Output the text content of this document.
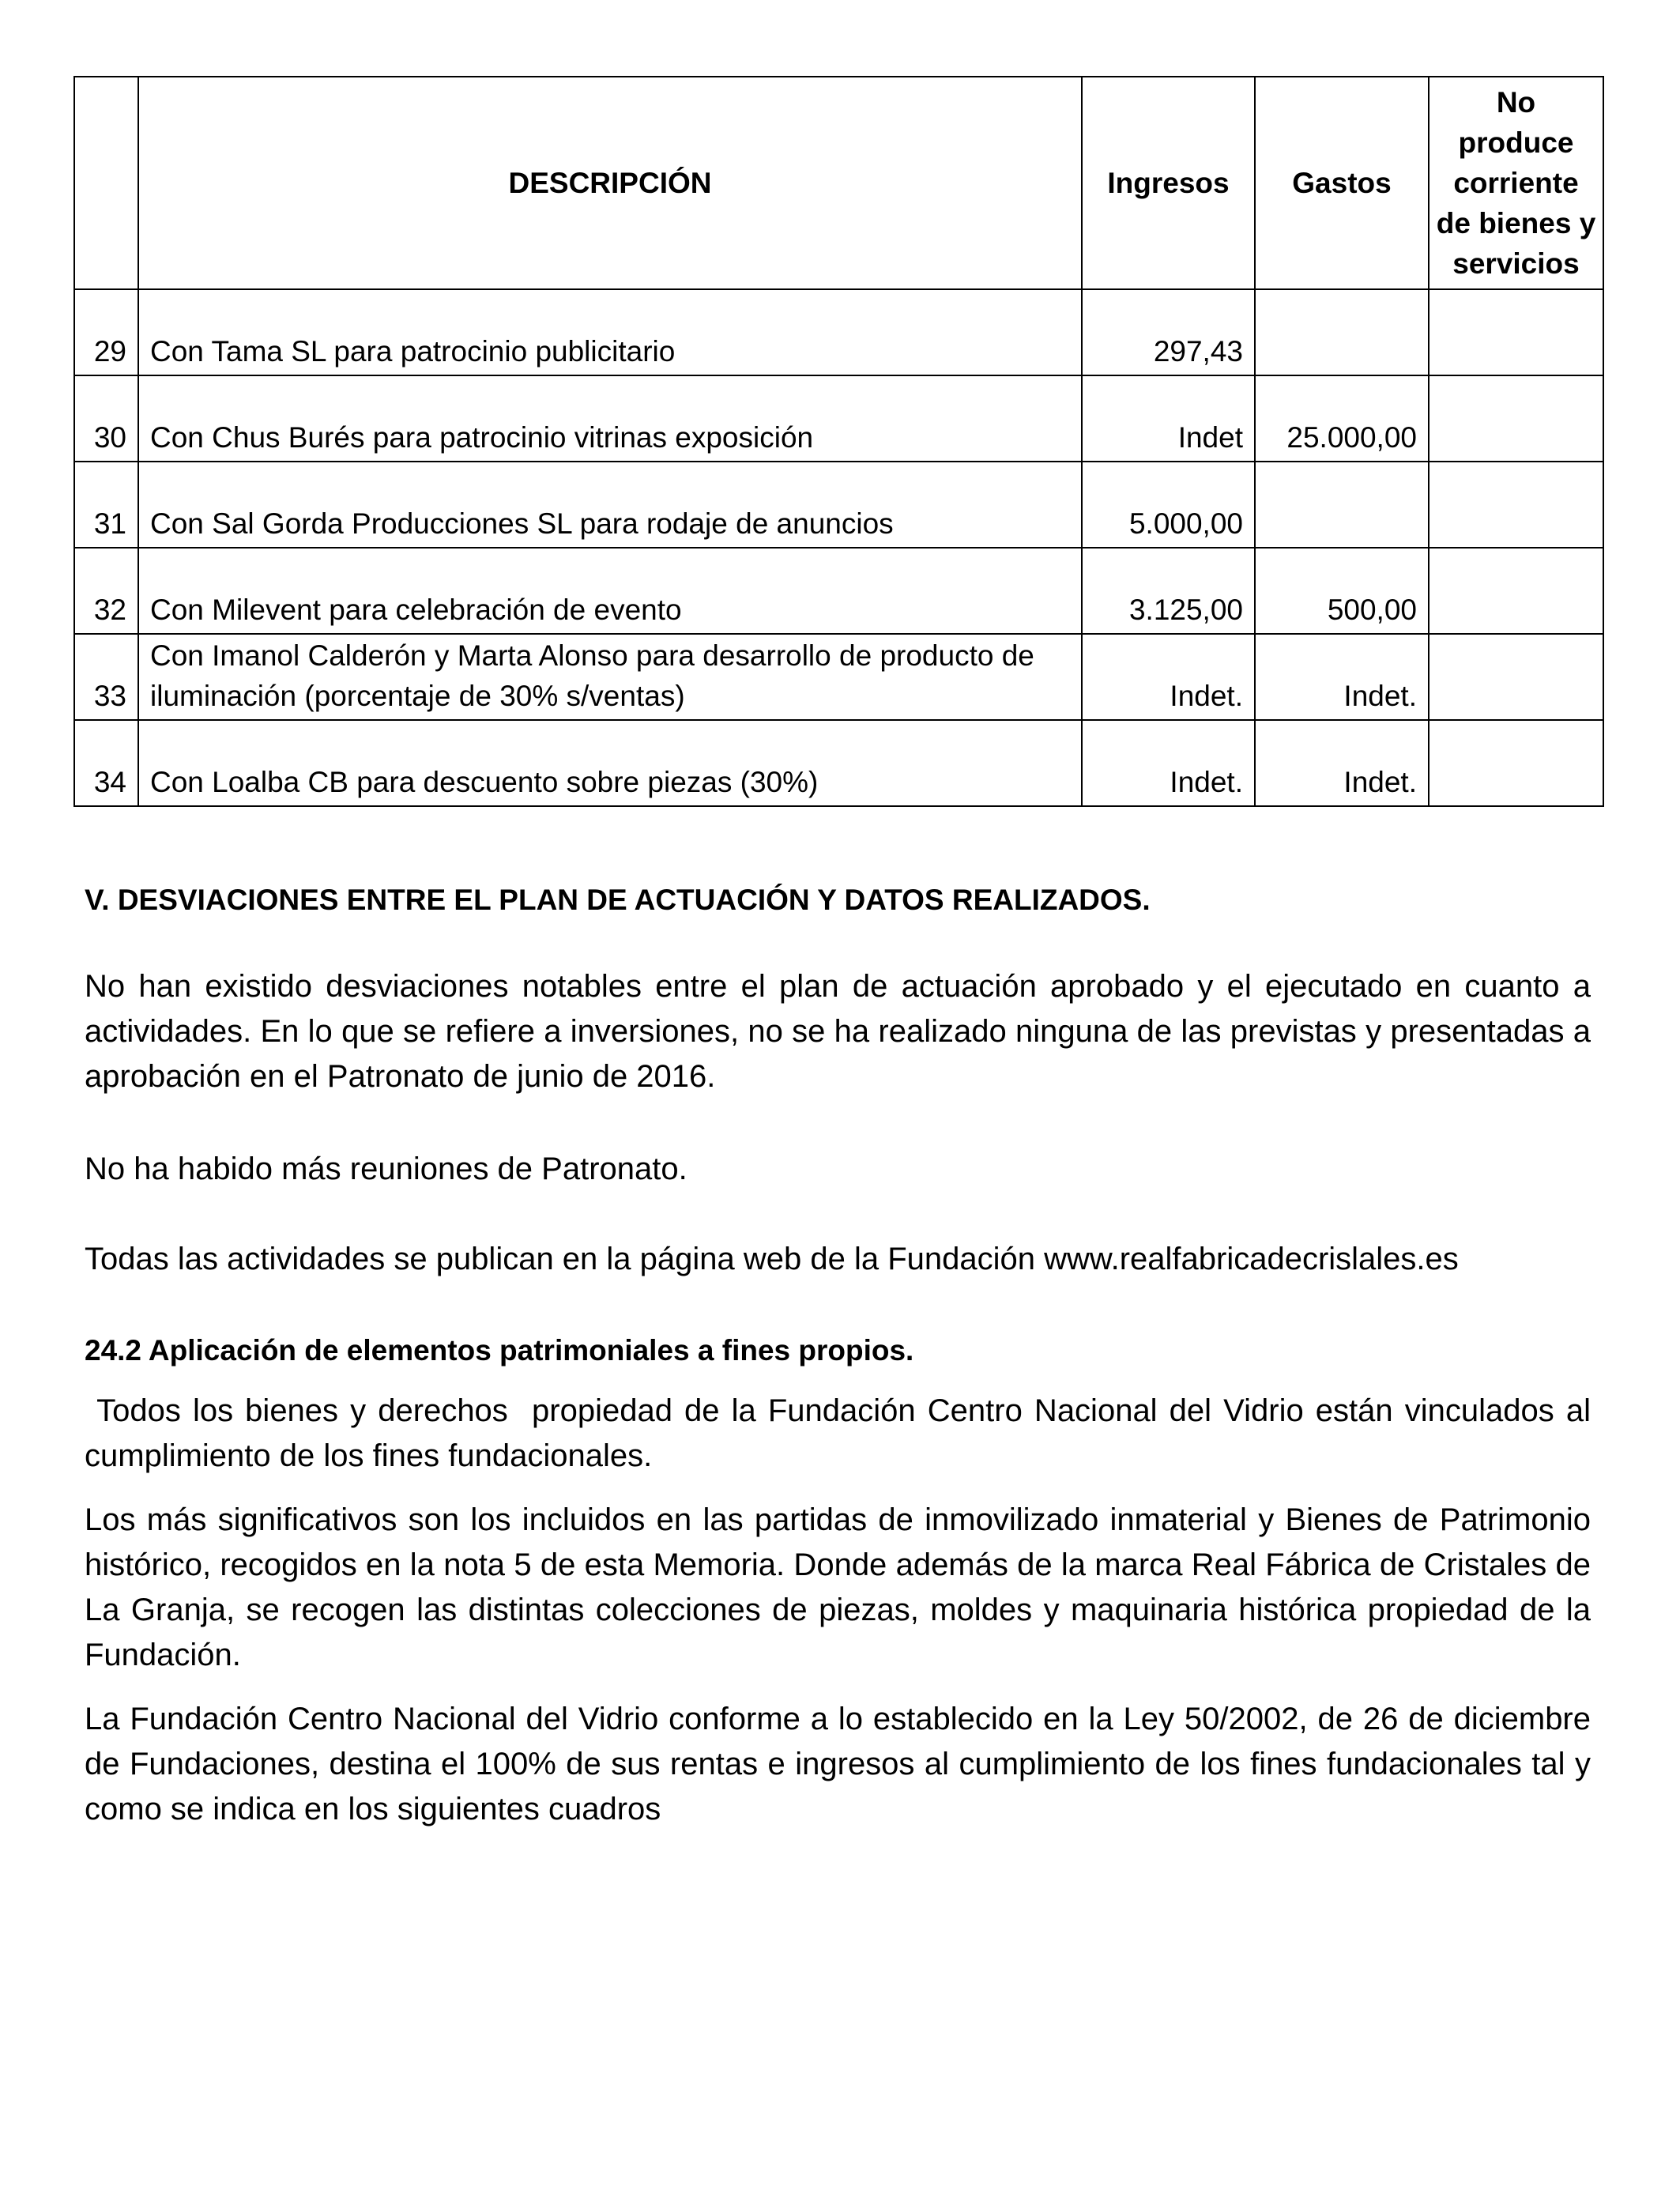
	DESCRIPCIÓN	Ingresos	Gastos	No produce corriente de bienes y servicios
29	Con Tama SL para patrocinio publicitario	297,43		
30	Con Chus Burés para patrocinio vitrinas exposición	Indet	25.000,00	
31	Con Sal Gorda Producciones SL para rodaje de anuncios	5.000,00		
32	Con Milevent para celebración de evento	3.125,00	500,00	
33	Con Imanol Calderón y Marta Alonso para desarrollo de producto de iluminación (porcentaje de 30% s/ventas)	Indet.	Indet.	
34	Con Loalba CB para descuento sobre piezas (30%)	Indet.	Indet.	

V. DESVIACIONES ENTRE EL PLAN DE ACTUACIÓN Y DATOS REALIZADOS.

No han existido desviaciones notables entre el plan de actuación aprobado y el ejecutado en cuanto a actividades. En lo que se refiere a inversiones, no se ha realizado ninguna de las previstas y presentadas a aprobación en el Patronato de junio de 2016.

No ha habido más reuniones de Patronato.

Todas las actividades se publican en la página web de la Fundación www.realfabricadecrislales.es

24.2 Aplicación de elementos patrimoniales a fines propios.

Todos los bienes y derechos  propiedad de la Fundación Centro Nacional del Vidrio están vinculados al cumplimiento de los fines fundacionales.

Los más significativos son los incluidos en las partidas de inmovilizado inmaterial y Bienes de Patrimonio histórico, recogidos en la nota 5 de esta Memoria. Donde además de la marca Real Fábrica de Cristales de La Granja, se recogen las distintas colecciones de piezas, moldes y maquinaria histórica propiedad de la Fundación.

La Fundación Centro Nacional del Vidrio conforme a lo establecido en la Ley 50/2002, de 26 de diciembre de Fundaciones, destina el 100% de sus rentas e ingresos al cumplimiento de los fines fundacionales tal y como se indica en los siguientes cuadros
